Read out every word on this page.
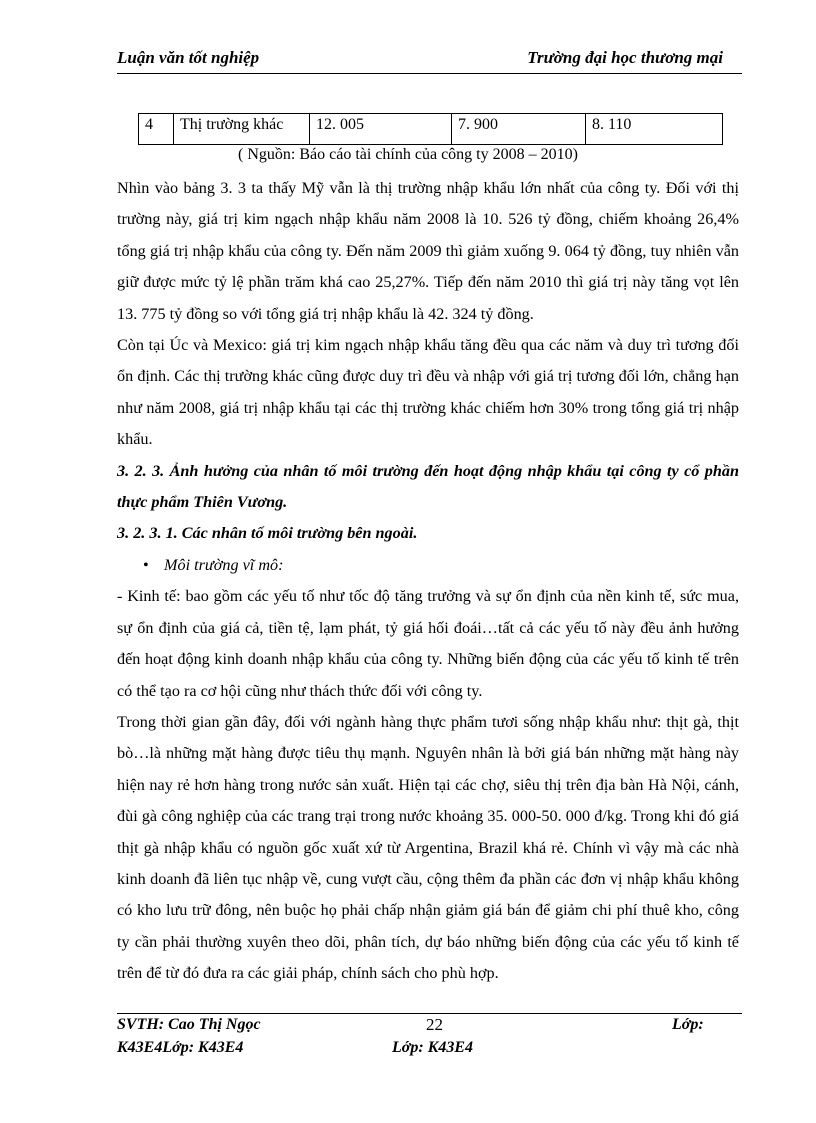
Luận văn tốt nghiệp	Trường đại học thương mại
4	Thị trường khác	12. 005	7. 900	8. 110
( Nguồn: Báo cáo tài chính của công ty 2008 – 2010)

Nhìn vào bảng 3. 3 ta thấy Mỹ vẫn là thị trường nhập khẩu lớn nhất của công ty. Đối với thị trường này, giá trị kim ngạch nhập khẩu năm 2008 là 10. 526 tỷ đồng, chiếm khoảng 26,4% tổng giá trị nhập khẩu của công ty. Đến năm 2009 thì giảm xuống 9. 064 tỷ đồng, tuy nhiên vẫn giữ được mức tỷ lệ phần trăm khá cao 25,27%. Tiếp đến năm 2010 thì giá trị này tăng vọt lên 13. 775 tỷ đồng so với tổng giá trị nhập khẩu là 42. 324 tỷ đồng.

Còn tại Úc và Mexico: giá trị kim ngạch nhập khẩu tăng đều qua các năm và duy trì tương đối ổn định. Các thị trường khác cũng được duy trì đều và nhập với giá trị tương đối lớn, chẳng hạn như năm 2008, giá trị nhập khẩu tại các thị trường khác chiếm hơn 30% trong tổng giá trị nhập khẩu.

3. 2. 3. Ảnh hưởng của nhân tố môi trường đến hoạt động nhập khẩu tại công ty cổ phần thực phẩm Thiên Vương.

3. 2. 3. 1. Các nhân tố môi trường bên ngoài.

• Môi trường vĩ mô:

- Kinh tế: bao gồm các yếu tố như tốc độ tăng trưởng và sự ổn định của nền kinh tế, sức mua, sự ổn định của giá cả, tiền tệ, lạm phát, tỷ giá hối đoái…tất cả các yếu tố này đều ảnh hưởng đến hoạt động kinh doanh nhập khẩu của công ty. Những biến động của các yếu tố kinh tế trên có thể tạo ra cơ hội cũng như thách thức đối với công ty.

Trong thời gian gần đây, đối với ngành hàng thực phẩm tươi sống nhập khẩu như: thịt gà, thịt bò…là những mặt hàng được tiêu thụ mạnh. Nguyên nhân là bởi giá bán những mặt hàng này hiện nay rẻ hơn hàng trong nước sản xuất. Hiện tại các chợ, siêu thị trên địa bàn Hà Nội, cánh, đùi gà công nghiệp của các trang trại trong nước khoảng 35. 000-50. 000 đ/kg. Trong khi đó giá thịt gà nhập khẩu có nguồn gốc xuất xứ từ Argentina, Brazil khá rẻ. Chính vì vậy mà các nhà kinh doanh đã liên tục nhập về, cung vượt cầu, cộng thêm đa phần các đơn vị nhập khẩu không có kho lưu trữ đông, nên buộc họ phải chấp nhận giảm giá bán để giảm chi phí thuê kho, công ty cần phải thường xuyên theo dõi, phân tích, dự báo những biến động của các yếu tố kinh tế trên để từ đó đưa ra các giải pháp, chính sách cho phù hợp.

SVTH: Cao Thị Ngọc	22	Lớp:
K43E4Lớp: K43E4	Lớp: K43E4
